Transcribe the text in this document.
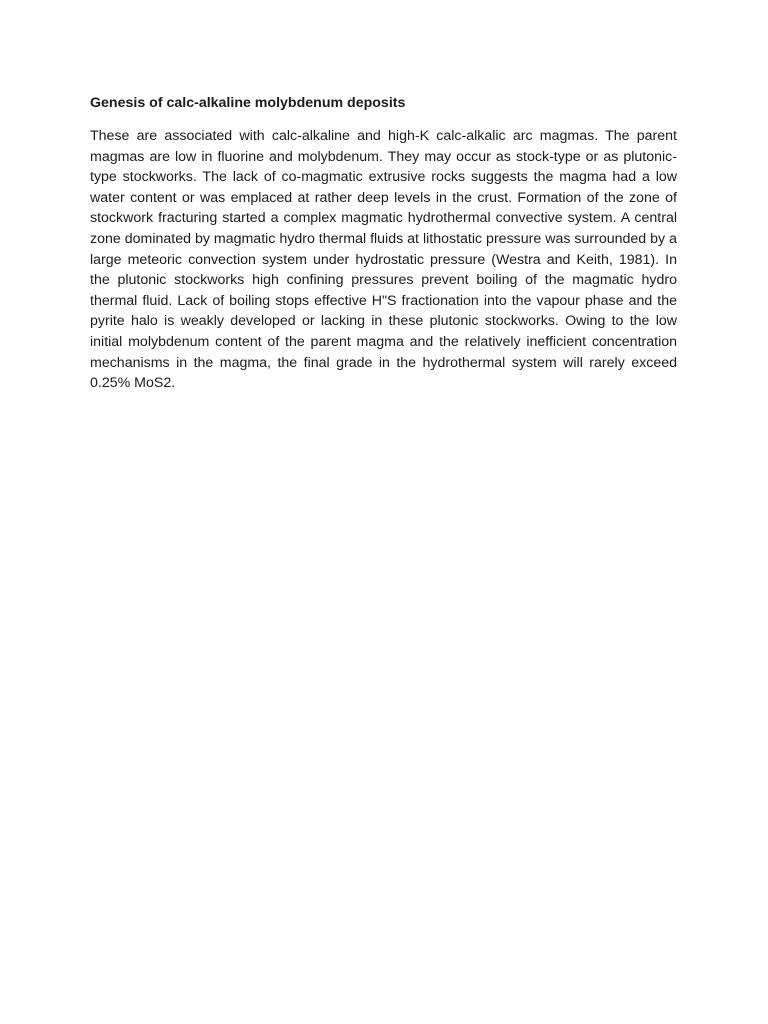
Genesis of calc-alkaline molybdenum deposits

These are associated with calc-alkaline and high-K calc-alkalic arc magmas. The parent magmas are low in fluorine and molybdenum. They may occur as stock-type or as plutonic-type stockworks. The lack of co-magmatic extrusive rocks suggests the magma had a low water content or was emplaced at rather deep levels in the crust. Formation of the zone of stockwork fracturing started a complex magmatic hydrothermal convective system. A central zone dominated by magmatic hydro thermal fluids at lithostatic pressure was surrounded by a large meteoric convection system under hydrostatic pressure (Westra and Keith, 1981). In the plutonic stockworks high confining pressures prevent boiling of the magmatic hydro thermal fluid. Lack of boiling stops effective H"S fractionation into the vapour phase and the pyrite halo is weakly developed or lacking in these plutonic stockworks. Owing to the low initial molybdenum content of the parent magma and the relatively inefficient concentration mechanisms in the magma, the final grade in the hydrothermal system will rarely exceed 0.25% MoS2.
